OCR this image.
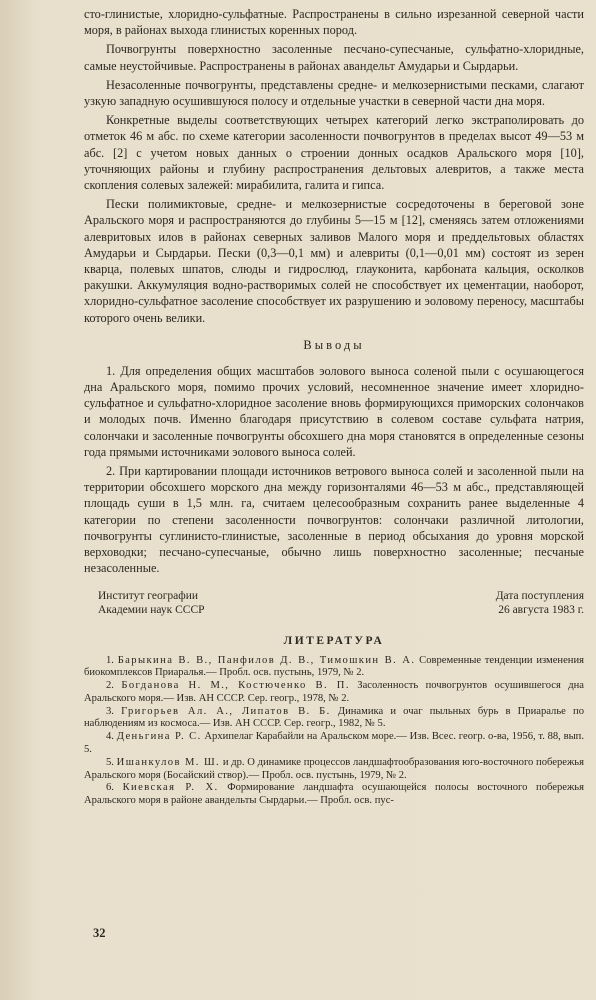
сто-глинистые, хлоридно-сульфатные. Распространены в сильно изрезанной северной части моря, в районах выхода глинистых коренных пород.

Почвогрунты поверхностно засоленные песчано-супесчаные, сульфатно-хлоридные, самые неустойчивые. Распространены в районах авандельт Амударьи и Сырдарьи.

Незасоленные почвогрунты, представлены средне- и мелкозернистыми песками, слагают узкую западную осушившуюся полосу и отдельные участки в северной части дна моря.

Конкретные выделы соответствующих четырех категорий легко экстраполировать до отметок 46 м абс. по схеме категории засоленности почвогрунтов в пределах высот 49—53 м абс. [2] с учетом новых данных о строении донных осадков Аральского моря [10], уточняющих районы и глубину распространения дельтовых алевритов, а также места скопления солевых залежей: мирабилита, галита и гипса.

Пески полимиктовые, средне- и мелкозернистые сосредоточены в береговой зоне Аральского моря и распространяются до глубины 5—15 м [12], сменяясь затем отложениями алевритовых илов в районах северных заливов Малого моря и преддельтовых областях Амударьи и Сырдарьи. Пески (0,3—0,1 мм) и алевриты (0,1—0,01 мм) состоят из зерен кварца, полевых шпатов, слюды и гидрослюд, глауконита, карбоната кальция, осколков ракушки. Аккумуляция водно-растворимых солей не способствует их цементации, наоборот, хлоридно-сульфатное засоление способствует их разрушению и эоловому переносу, масштабы которого очень велики.

Выводы

1. Для определения общих масштабов эолового выноса соленой пыли с осушающегося дна Аральского моря, помимо прочих условий, несомненное значение имеет хлоридно-сульфатное и сульфатно-хлоридное засоление вновь формирующихся приморских солончаков и молодых почв. Именно благодаря присутствию в солевом составе сульфата натрия, солончаки и засоленные почвогрунты обсохшего дна моря становятся в определенные сезоны года прямыми источниками эолового выноса солей.

2. При картировании площади источников ветрового выноса солей и засоленной пыли на территории обсохшего морского дна между горизонталями 46—53 м абс., представляющей площадь суши в 1,5 млн. га, считаем целесообразным сохранить ранее выделенные 4 категории по степени засоленности почвогрунтов: солончаки различной литологии, почвогрунты суглинисто-глинистые, засоленные в период обсыхания до уровня морской верховодки; песчано-супесчаные, обычно лишь поверхностно засоленные; песчаные незасоленные.

Институт географии
Академии наук СССР
Дата поступления
26 августа 1983 г.
ЛИТЕРАТУРА

1. Барыкина В. В., Панфилов Д. В., Тимошкин В. А. Современные тенденции изменения биокомплексов Приаралья.— Пробл. осв. пустынь, 1979, № 2.

2. Богданова Н. М., Костюченко В. П. Засоленность почвогрунтов осушившегося дна Аральского моря.— Изв. АН СССР. Сер. геогр., 1978, № 2.

3. Григорьев Ал. А., Липатов В. Б. Динамика и очаг пыльных бурь в Приаралье по наблюдениям из космоса.— Изв. АН СССР. Сер. геогр., 1982, № 5.

4. Деньгина Р. С. Архипелаг Карабайли на Аральском море.— Изв. Всес. геогр. о-ва, 1956, т. 88, вып. 5.

5. Ишанкулов М. Ш. и др. О динамике процессов ландшафтообразования юго-восточного побережья Аральского моря (Босайский створ).— Пробл. осв. пустынь, 1979, № 2.

6. Киевская Р. Х. Формирование ландшафта осушающейся полосы восточного побережья Аральского моря в районе авандельты Сырдарьи.— Пробл. осв. пус-

32
